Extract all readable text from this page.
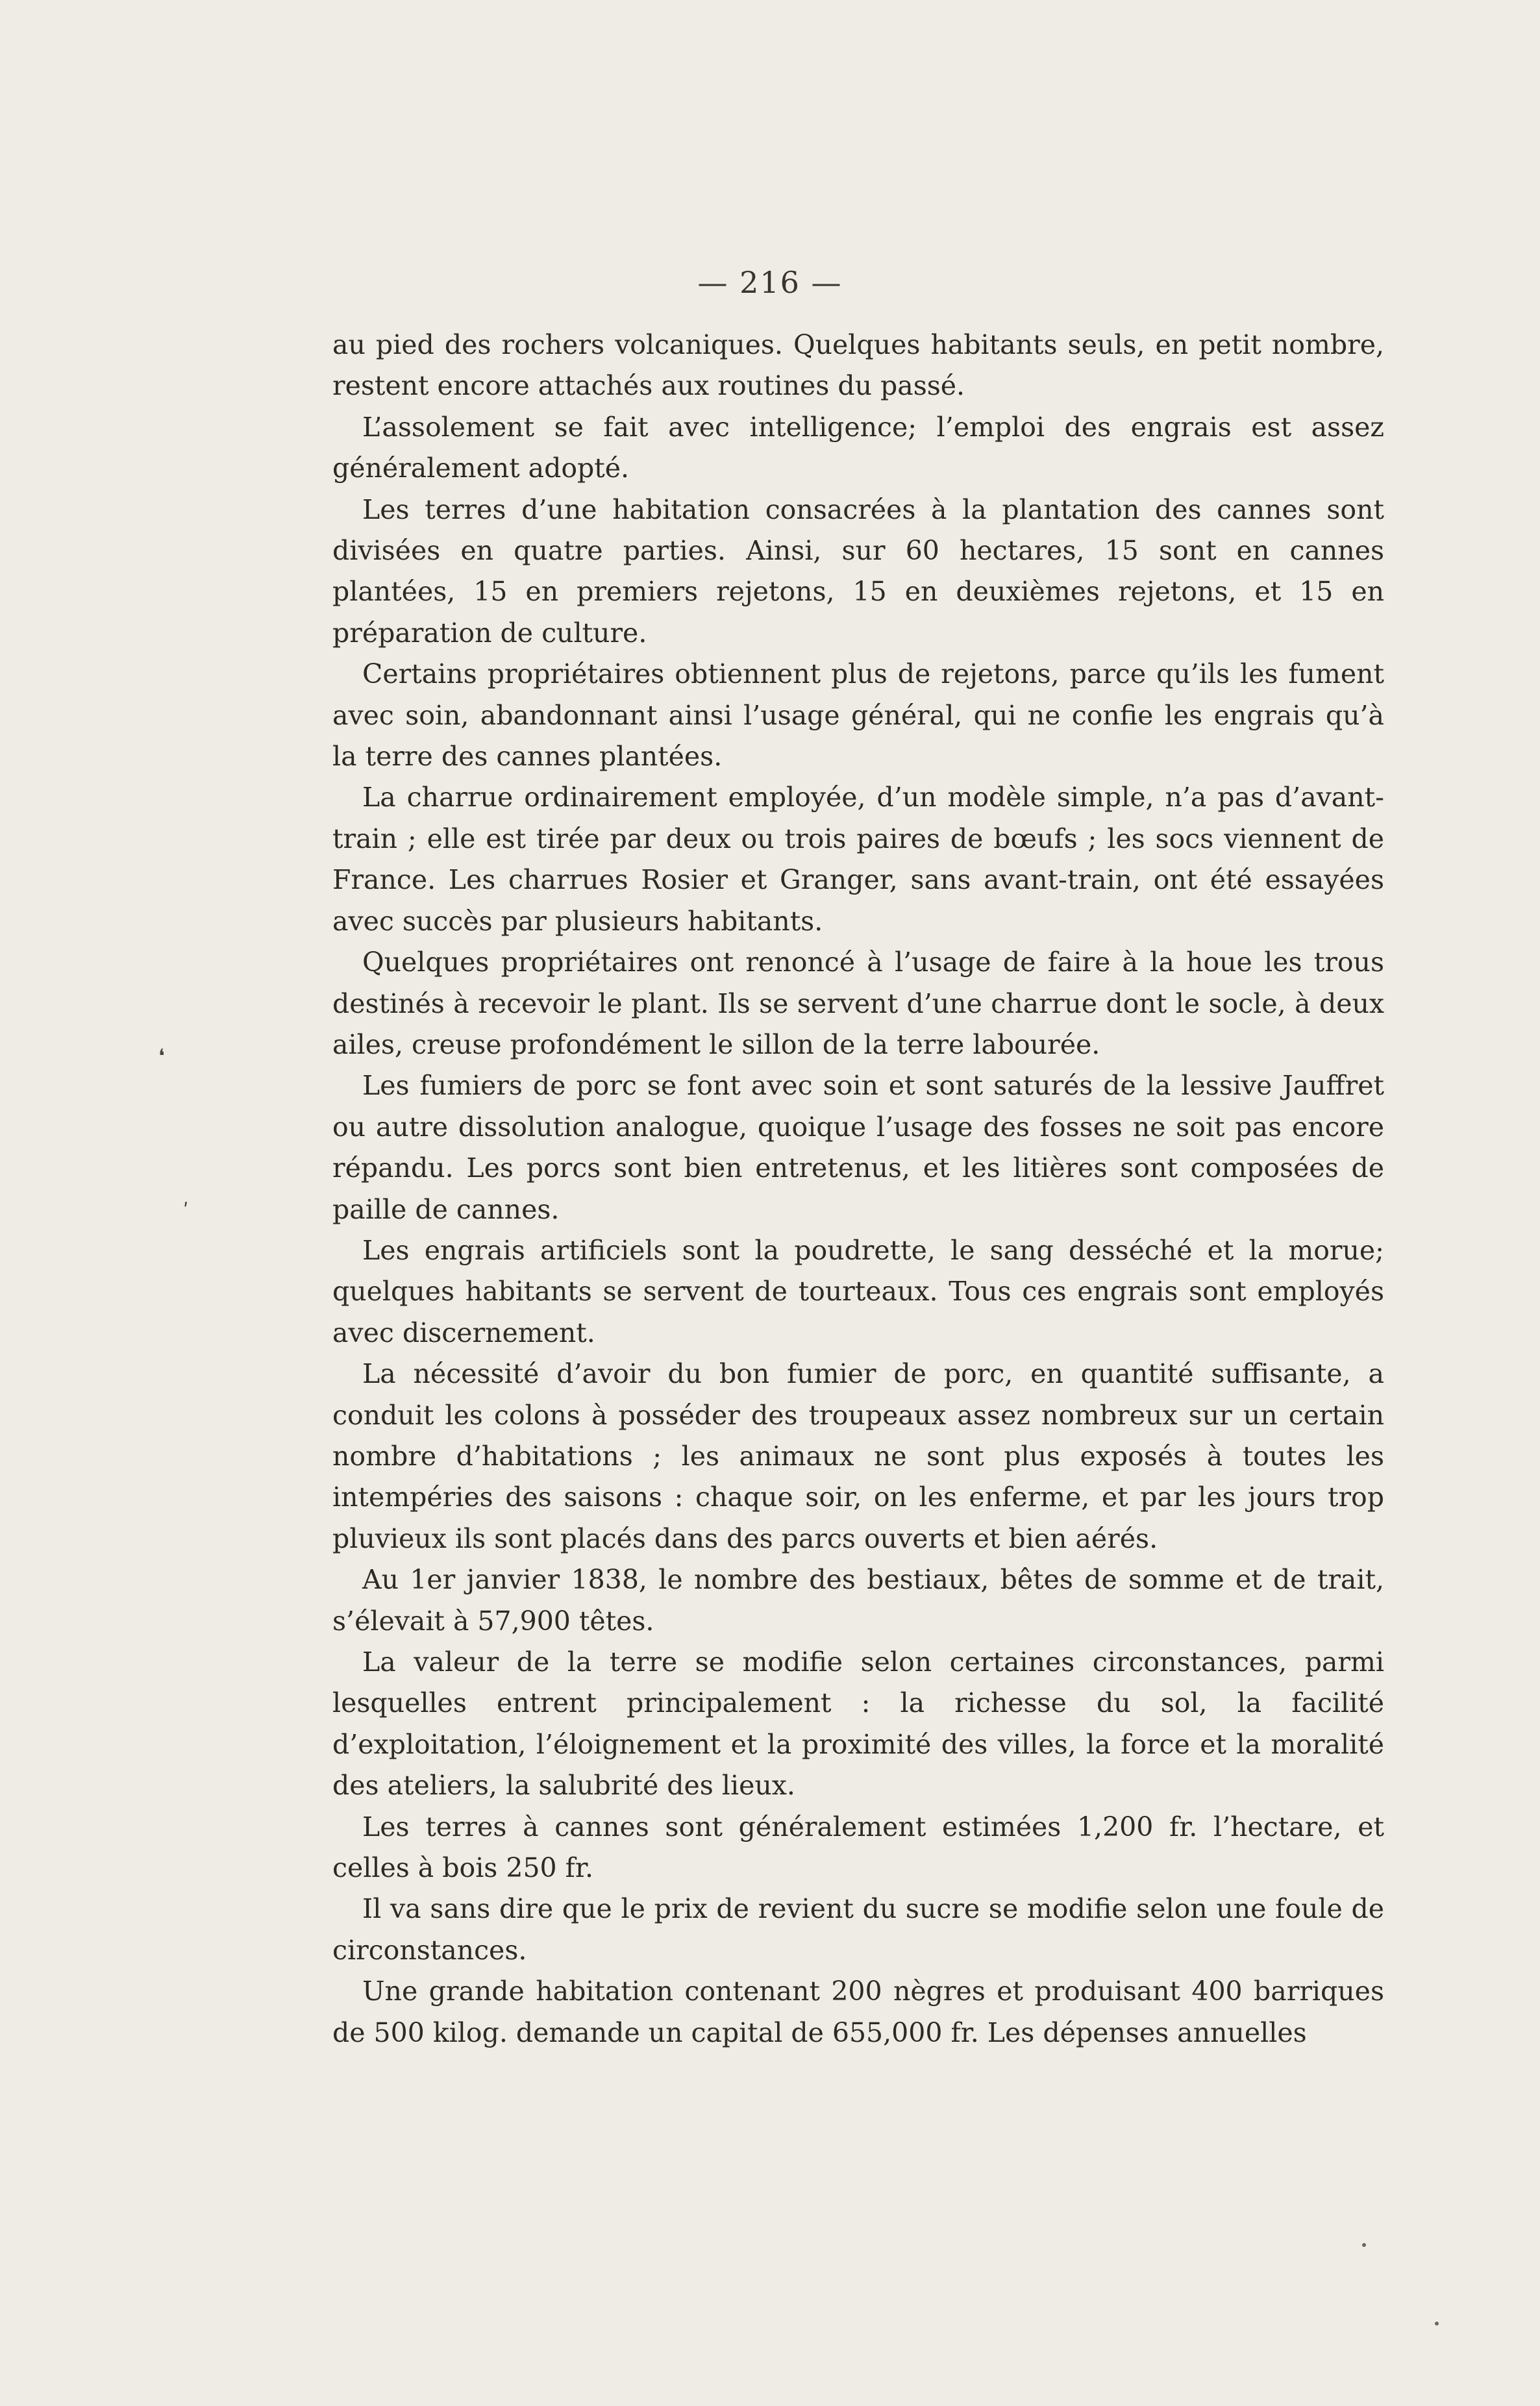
— 216 —

au pied des rochers volcaniques. Quelques habitants seuls, en petit nombre, restent encore attachés aux routines du passé.

L’assolement se fait avec intelligence; l’emploi des engrais est assez généralement adopté.

Les terres d’une habitation consacrées à la plantation des cannes sont divisées en quatre parties. Ainsi, sur 60 hectares, 15 sont en cannes plantées, 15 en premiers rejetons, 15 en deuxièmes rejetons, et 15 en préparation de culture.

Certains propriétaires obtiennent plus de rejetons, parce qu’ils les fument avec soin, abandonnant ainsi l’usage général, qui ne confie les engrais qu’à la terre des cannes plantées.

La charrue ordinairement employée, d’un modèle simple, n’a pas d’avant-train ; elle est tirée par deux ou trois paires de bœufs ; les socs viennent de France. Les charrues Rosier et Granger, sans avant-train, ont été essayées avec succès par plusieurs habitants.

Quelques propriétaires ont renoncé à l’usage de faire à la houe les trous destinés à recevoir le plant. Ils se servent d’une charrue dont le socle, à deux ailes, creuse profondément le sillon de la terre labourée.

Les fumiers de porc se font avec soin et sont saturés de la lessive Jauffret ou autre dissolution analogue, quoique l’usage des fosses ne soit pas encore répandu. Les porcs sont bien entretenus, et les litières sont composées de paille de cannes.

Les engrais artificiels sont la poudrette, le sang desséché et la morue; quelques habitants se servent de tourteaux. Tous ces engrais sont employés avec discernement.

La nécessité d’avoir du bon fumier de porc, en quantité suffisante, a conduit les colons à posséder des troupeaux assez nombreux sur un certain nombre d’habitations ; les animaux ne sont plus exposés à toutes les intempéries des saisons : chaque soir, on les enferme, et par les jours trop pluvieux ils sont placés dans des parcs ouverts et bien aérés.

Au 1er janvier 1838, le nombre des bestiaux, bêtes de somme et de trait, s’élevait à 57,900 têtes.

La valeur de la terre se modifie selon certaines circonstances, parmi lesquelles entrent principalement : la richesse du sol, la facilité d’exploitation, l’éloignement et la proximité des villes, la force et la moralité des ateliers, la salubrité des lieux.

Les terres à cannes sont généralement estimées 1,200 fr. l’hectare, et celles à bois 250 fr.

Il va sans dire que le prix de revient du sucre se modifie selon une foule de circonstances.

Une grande habitation contenant 200 nègres et produisant 400 barriques de 500 kilog. demande un capital de 655,000 fr. Les dépenses annuelles

❛
ʹ
